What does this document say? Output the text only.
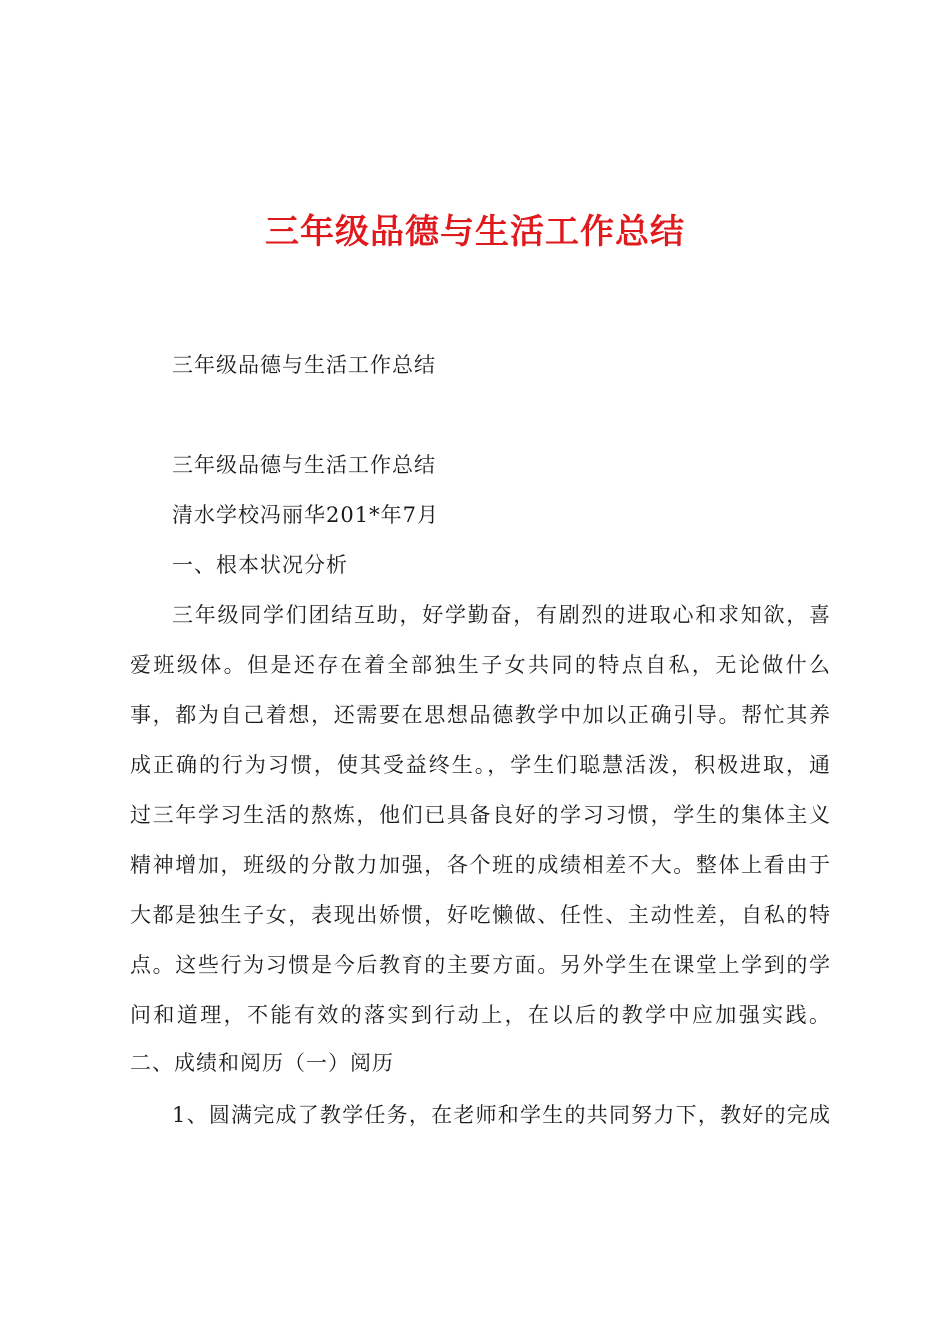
三年级品德与生活工作总结
三年级品德与生活工作总结
三年级品德与生活工作总结
清水学校冯丽华201*年7月
一、根本状况分析
三年级同学们团结互助，好学勤奋，有剧烈的进取心和求知欲，喜
爱班级体。但是还存在着全部独生子女共同的特点自私，无论做什么
事，都为自己着想，还需要在思想品德教学中加以正确引导。帮忙其养
成正确的行为习惯，使其受益终生。，学生们聪慧活泼，积极进取，通
过三年学习生活的熬炼，他们已具备良好的学习习惯，学生的集体主义
精神增加，班级的分散力加强，各个班的成绩相差不大。整体上看由于
大都是独生子女，表现出娇惯，好吃懒做、任性、主动性差，自私的特
点。这些行为习惯是今后教育的主要方面。另外学生在课堂上学到的学
问和道理，不能有效的落实到行动上，在以后的教学中应加强实践。
二、成绩和阅历（一）阅历
1、圆满完成了教学任务，在老师和学生的共同努力下，教好的完成
